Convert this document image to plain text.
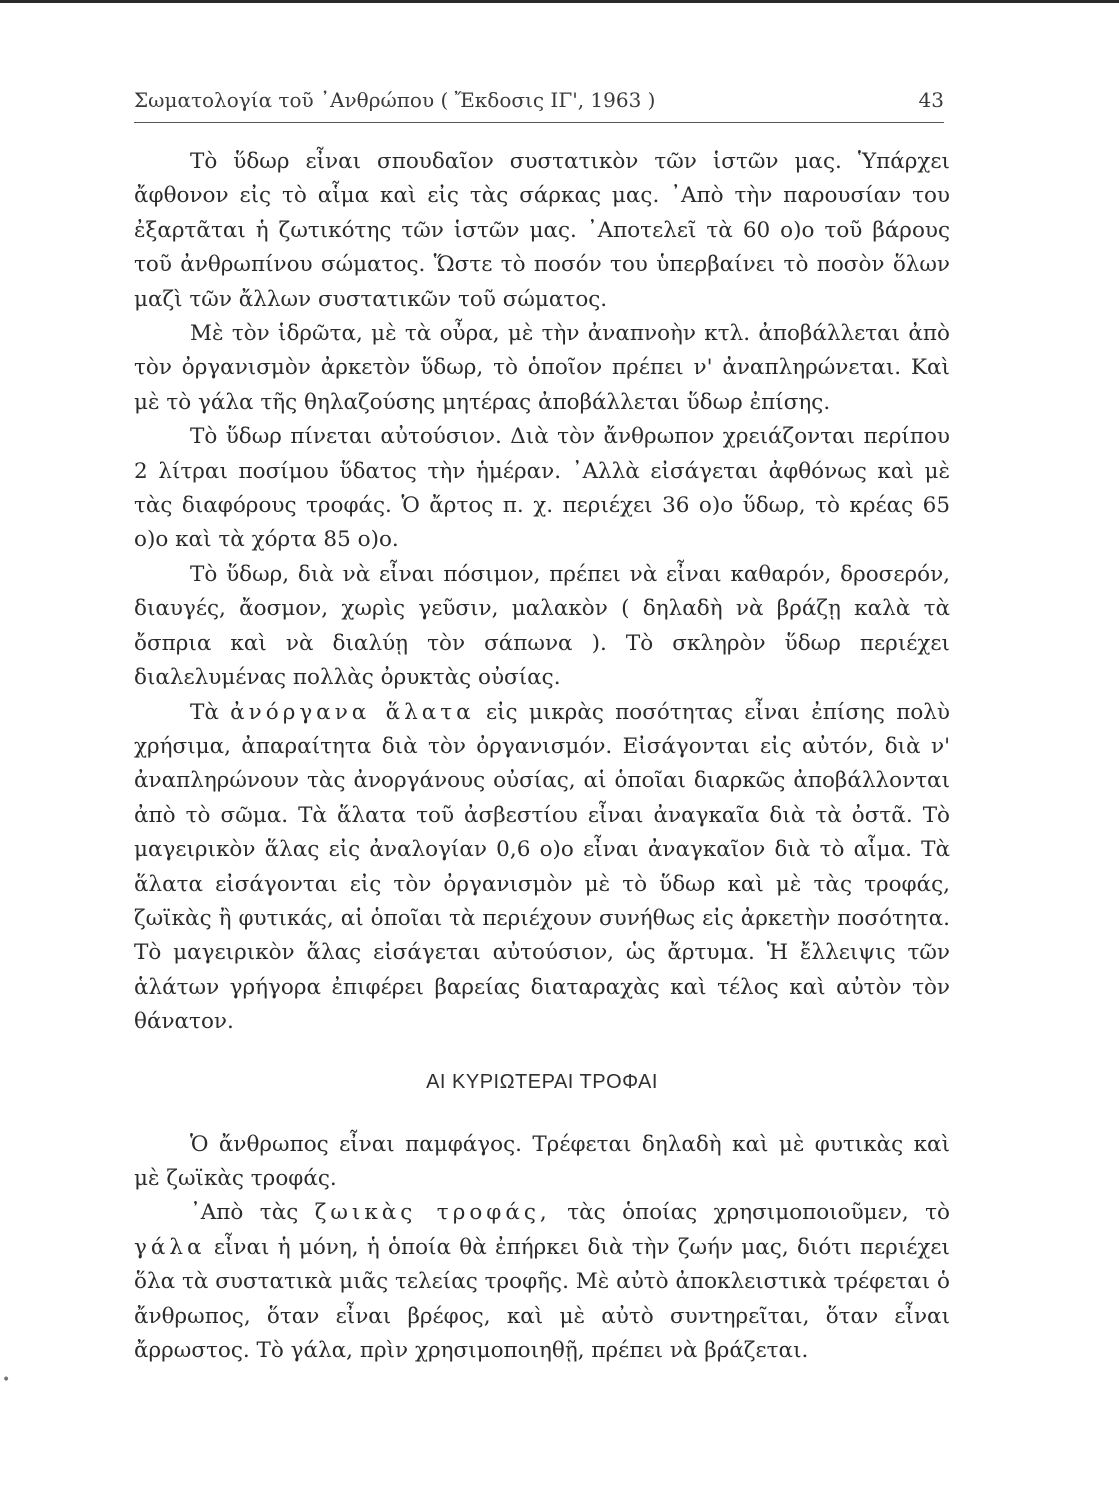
Σωματολογία τοῦ ᾿Ανθρώπου ( Ἔκδοσις ΙΓ', 1963 )	43

Τὸ ὕδωρ εἶναι σπουδαῖον συστατικὸν τῶν ἱστῶν μας. Ὑπάρχει ἄφθονον εἰς τὸ αἷμα καὶ εἰς τὰς σάρκας μας. ᾿Απὸ τὴν παρουσίαν του ἐξαρτᾶται ἡ ζωτικότης τῶν ἱστῶν μας. ᾿Αποτελεῖ τὰ 60 ο)ο τοῦ βάρους τοῦ ἀνθρωπίνου σώματος. Ὥστε τὸ ποσόν του ὑπερβαίνει τὸ ποσὸν ὅλων μαζὶ τῶν ἄλλων συστατικῶν τοῦ σώματος.

Μὲ τὸν ἱδρῶτα, μὲ τὰ οὖρα, μὲ τὴν ἀναπνοὴν κτλ. ἀποβάλλεται ἀπὸ τὸν ὀργανισμὸν ἀρκετὸν ὕδωρ, τὸ ὁποῖον πρέπει ν' ἀναπληρώνεται. Καὶ μὲ τὸ γάλα τῆς θηλαζούσης μητέρας ἀποβάλλεται ὕδωρ ἐπίσης.

Τὸ ὕδωρ πίνεται αὐτούσιον. Διὰ τὸν ἄνθρωπον χρειάζονται περίπου 2 λίτραι ποσίμου ὕδατος τὴν ἡμέραν. ᾿Αλλὰ εἰσάγεται ἀφθόνως καὶ μὲ τὰς διαφόρους τροφάς. Ὁ ἄρτος π. χ. περιέχει 36 ο)ο ὕδωρ, τὸ κρέας 65 ο)ο καὶ τὰ χόρτα 85 ο)ο.

Τὸ ὕδωρ, διὰ νὰ εἶναι πόσιμον, πρέπει νὰ εἶναι καθαρόν, δροσερόν, διαυγές, ἄοσμον, χωρὶς γεῦσιν, μαλακὸν ( δηλαδὴ νὰ βράζῃ καλὰ τὰ ὄσπρια καὶ νὰ διαλύῃ τὸν σάπωνα ). Τὸ σκληρὸν ὕδωρ περιέχει διαλελυμένας πολλὰς ὀρυκτὰς οὐσίας.

Τὰ ἀνόργανα ἅλατα εἰς μικρὰς ποσότητας εἶναι ἐπίσης πολὺ χρήσιμα, ἀπαραίτητα διὰ τὸν ὀργανισμόν. Εἰσάγονται εἰς αὐτόν, διὰ ν' ἀναπληρώνουν τὰς ἀνοργάνους οὐσίας, αἱ ὁποῖαι διαρκῶς ἀποβάλλονται ἀπὸ τὸ σῶμα. Τὰ ἅλατα τοῦ ἀσβεστίου εἶναι ἀναγκαῖα διὰ τὰ ὀστᾶ. Τὸ μαγειρικὸν ἅλας εἰς ἀναλογίαν 0,6 ο)ο εἶναι ἀναγκαῖον διὰ τὸ αἷμα. Τὰ ἅλατα εἰσάγονται εἰς τὸν ὀργανισμὸν μὲ τὸ ὕδωρ καὶ μὲ τὰς τροφάς, ζωϊκὰς ἢ φυτικάς, αἱ ὁποῖαι τὰ περιέχουν συνήθως εἰς ἀρκετὴν ποσότητα. Τὸ μαγειρικὸν ἅλας εἰσάγεται αὐτούσιον, ὡς ἄρτυμα. Ἡ ἔλλειψις τῶν ἁλάτων γρήγορα ἐπιφέρει βαρείας διαταραχὰς καὶ τέλος καὶ αὐτὸν τὸν θάνατον.

ΑΙ ΚΥΡΙΩΤΕΡΑΙ ΤΡΟΦΑΙ

Ὁ ἄνθρωπος εἶναι παμφάγος. Τρέφεται δηλαδὴ καὶ μὲ φυτικὰς καὶ μὲ ζωϊκὰς τροφάς.

᾿Απὸ τὰς ζωικὰς τροφάς, τὰς ὁποίας χρησιμοποιοῦμεν, τὸ γάλα εἶναι ἡ μόνη, ἡ ὁποία θὰ ἐπήρκει διὰ τὴν ζωήν μας, διότι περιέχει ὅλα τὰ συστατικὰ μιᾶς τελείας τροφῆς. Μὲ αὐτὸ ἀποκλειστικὰ τρέφεται ὁ ἄνθρωπος, ὅταν εἶναι βρέφος, καὶ μὲ αὐτὸ συντηρεῖται, ὅταν εἶναι ἄρρωστος. Τὸ γάλα, πρὶν χρησιμοποιηθῇ, πρέπει νὰ βράζεται.

•
